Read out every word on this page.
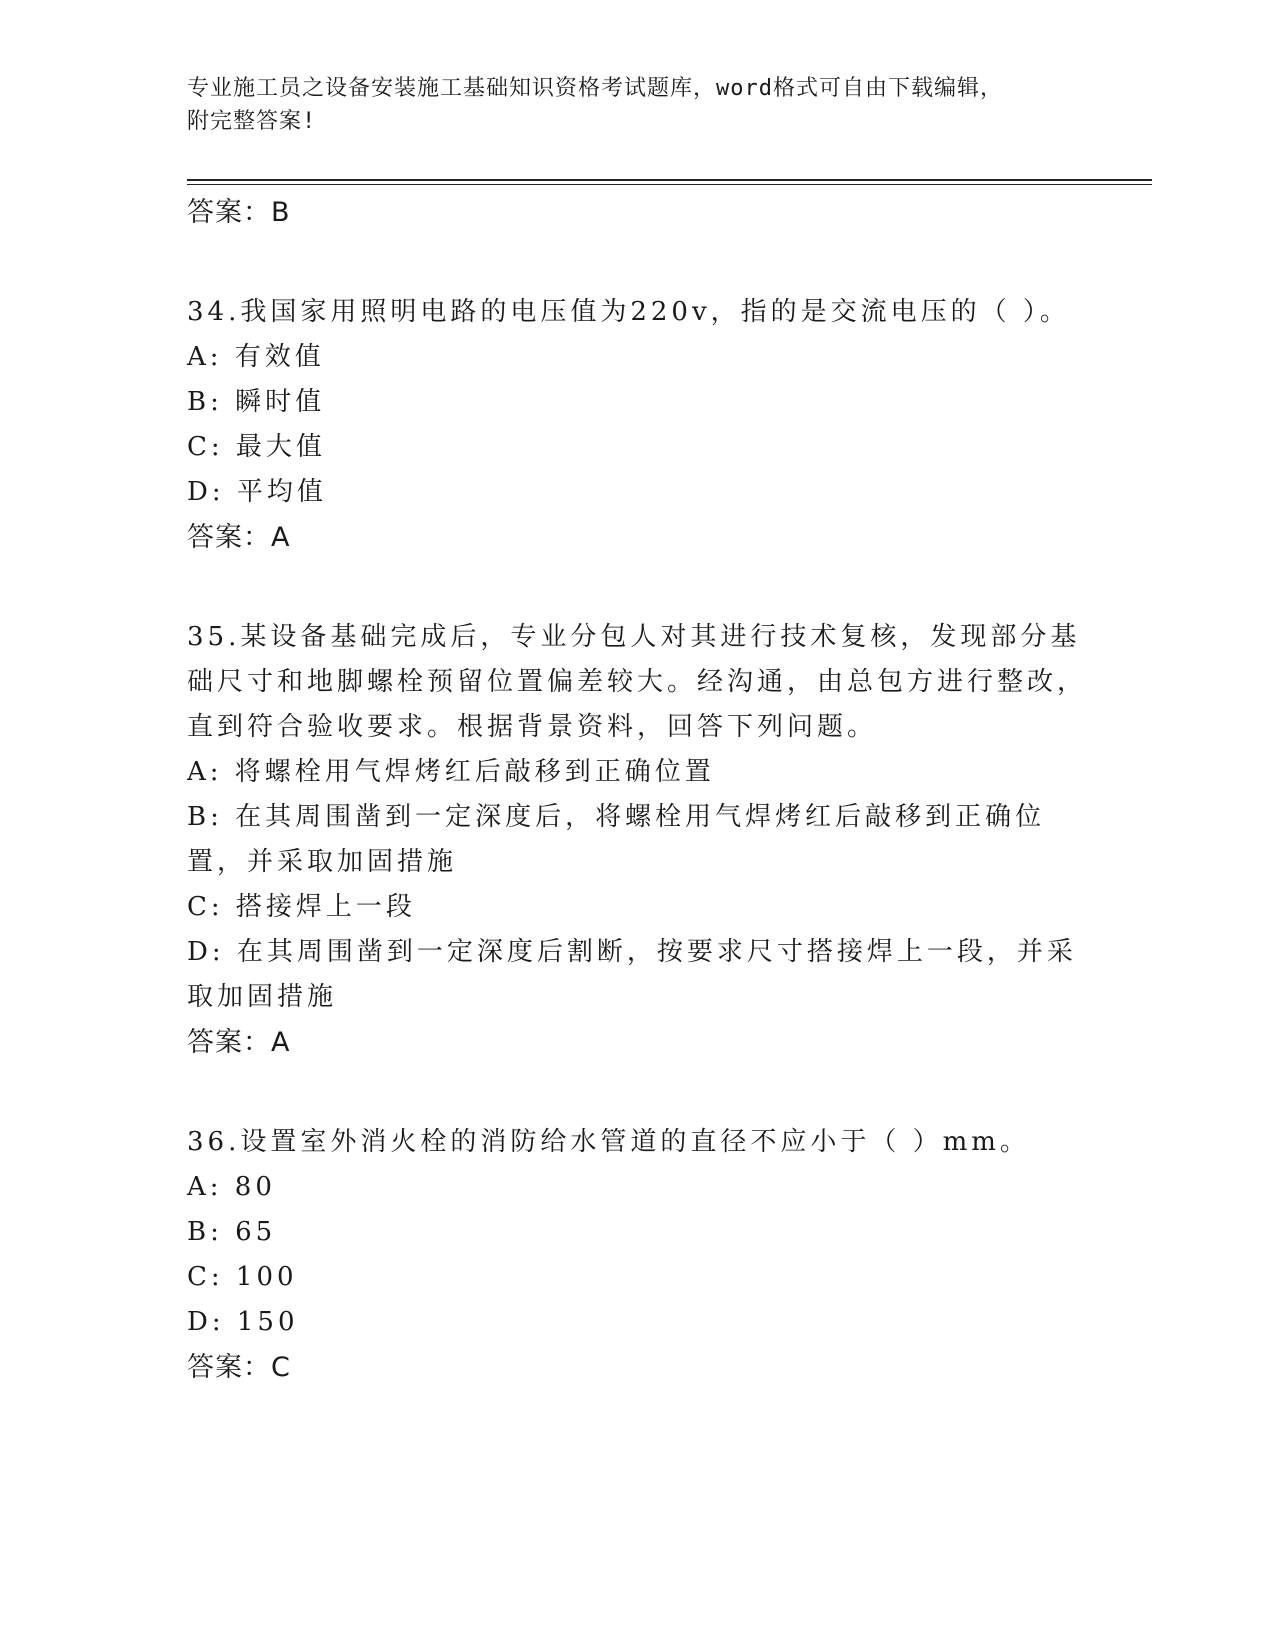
专业施工员之设备安装施工基础知识资格考试题库，word格式可自由下载编辑，
附完整答案!
答案：B
34.我国家用照明电路的电压值为220v，指的是交流电压的（ ）。
A: 有效值
B: 瞬时值
C: 最大值
D: 平均值
答案：A
35.某设备基础完成后，专业分包人对其进行技术复核，发现部分基础尺寸和地脚螺栓预留位置偏差较大。经沟通，由总包方进行整改，直到符合验收要求。根据背景资料，回答下列问题。
A: 将螺栓用气焊烤红后敲移到正确位置
B: 在其周围凿到一定深度后，将螺栓用气焊烤红后敲移到正确位置，并采取加固措施
C: 搭接焊上一段
D: 在其周围凿到一定深度后割断，按要求尺寸搭接焊上一段，并采取加固措施
答案：A
36.设置室外消火栓的消防给水管道的直径不应小于（ ）mm。
A: 80
B: 65
C: 100
D: 150
答案：C
